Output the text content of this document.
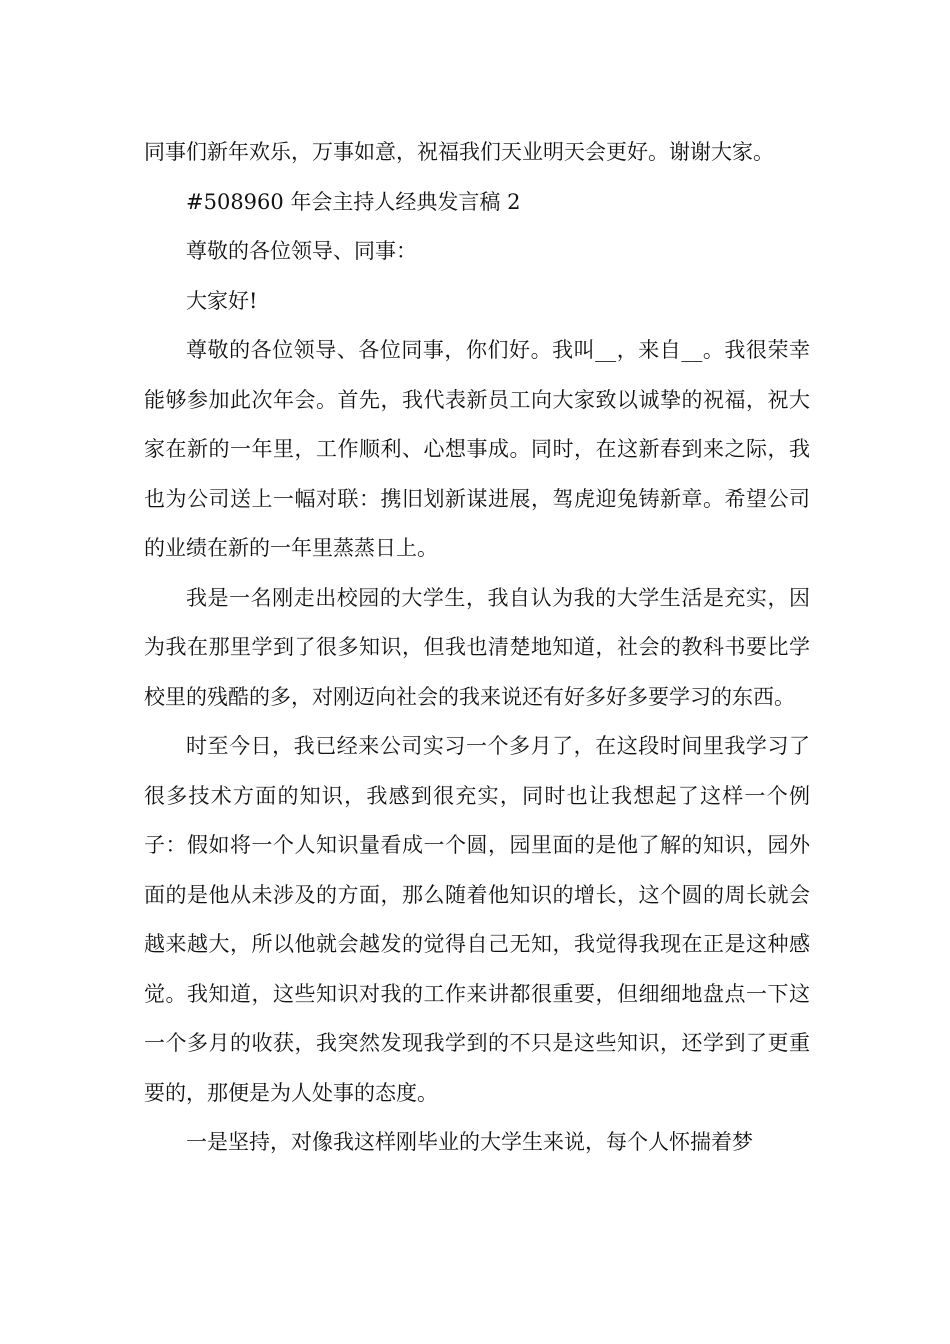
同事们新年欢乐，万事如意，祝福我们天业明天会更好。谢谢大家。

#508960 年会主持人经典发言稿 2

尊敬的各位领导、同事：

大家好!

尊敬的各位领导、各位同事，你们好。我叫__，来自__。我很荣幸能够参加此次年会。首先，我代表新员工向大家致以诚挚的祝福，祝大家在新的一年里，工作顺利、心想事成。同时，在这新春到来之际，我也为公司送上一幅对联：携旧划新谋进展，驾虎迎兔铸新章。希望公司的业绩在新的一年里蒸蒸日上。

我是一名刚走出校园的大学生，我自认为我的大学生活是充实，因为我在那里学到了很多知识，但我也清楚地知道，社会的教科书要比学校里的残酷的多，对刚迈向社会的我来说还有好多好多要学习的东西。

时至今日，我已经来公司实习一个多月了，在这段时间里我学习了很多技术方面的知识，我感到很充实，同时也让我想起了这样一个例子：假如将一个人知识量看成一个圆，园里面的是他了解的知识，园外面的是他从未涉及的方面，那么随着他知识的增长，这个圆的周长就会越来越大，所以他就会越发的觉得自己无知，我觉得我现在正是这种感觉。我知道，这些知识对我的工作来讲都很重要，但细细地盘点一下这一个多月的收获，我突然发现我学到的不只是这些知识，还学到了更重要的，那便是为人处事的态度。

一是坚持，对像我这样刚毕业的大学生来说，每个人怀揣着梦
